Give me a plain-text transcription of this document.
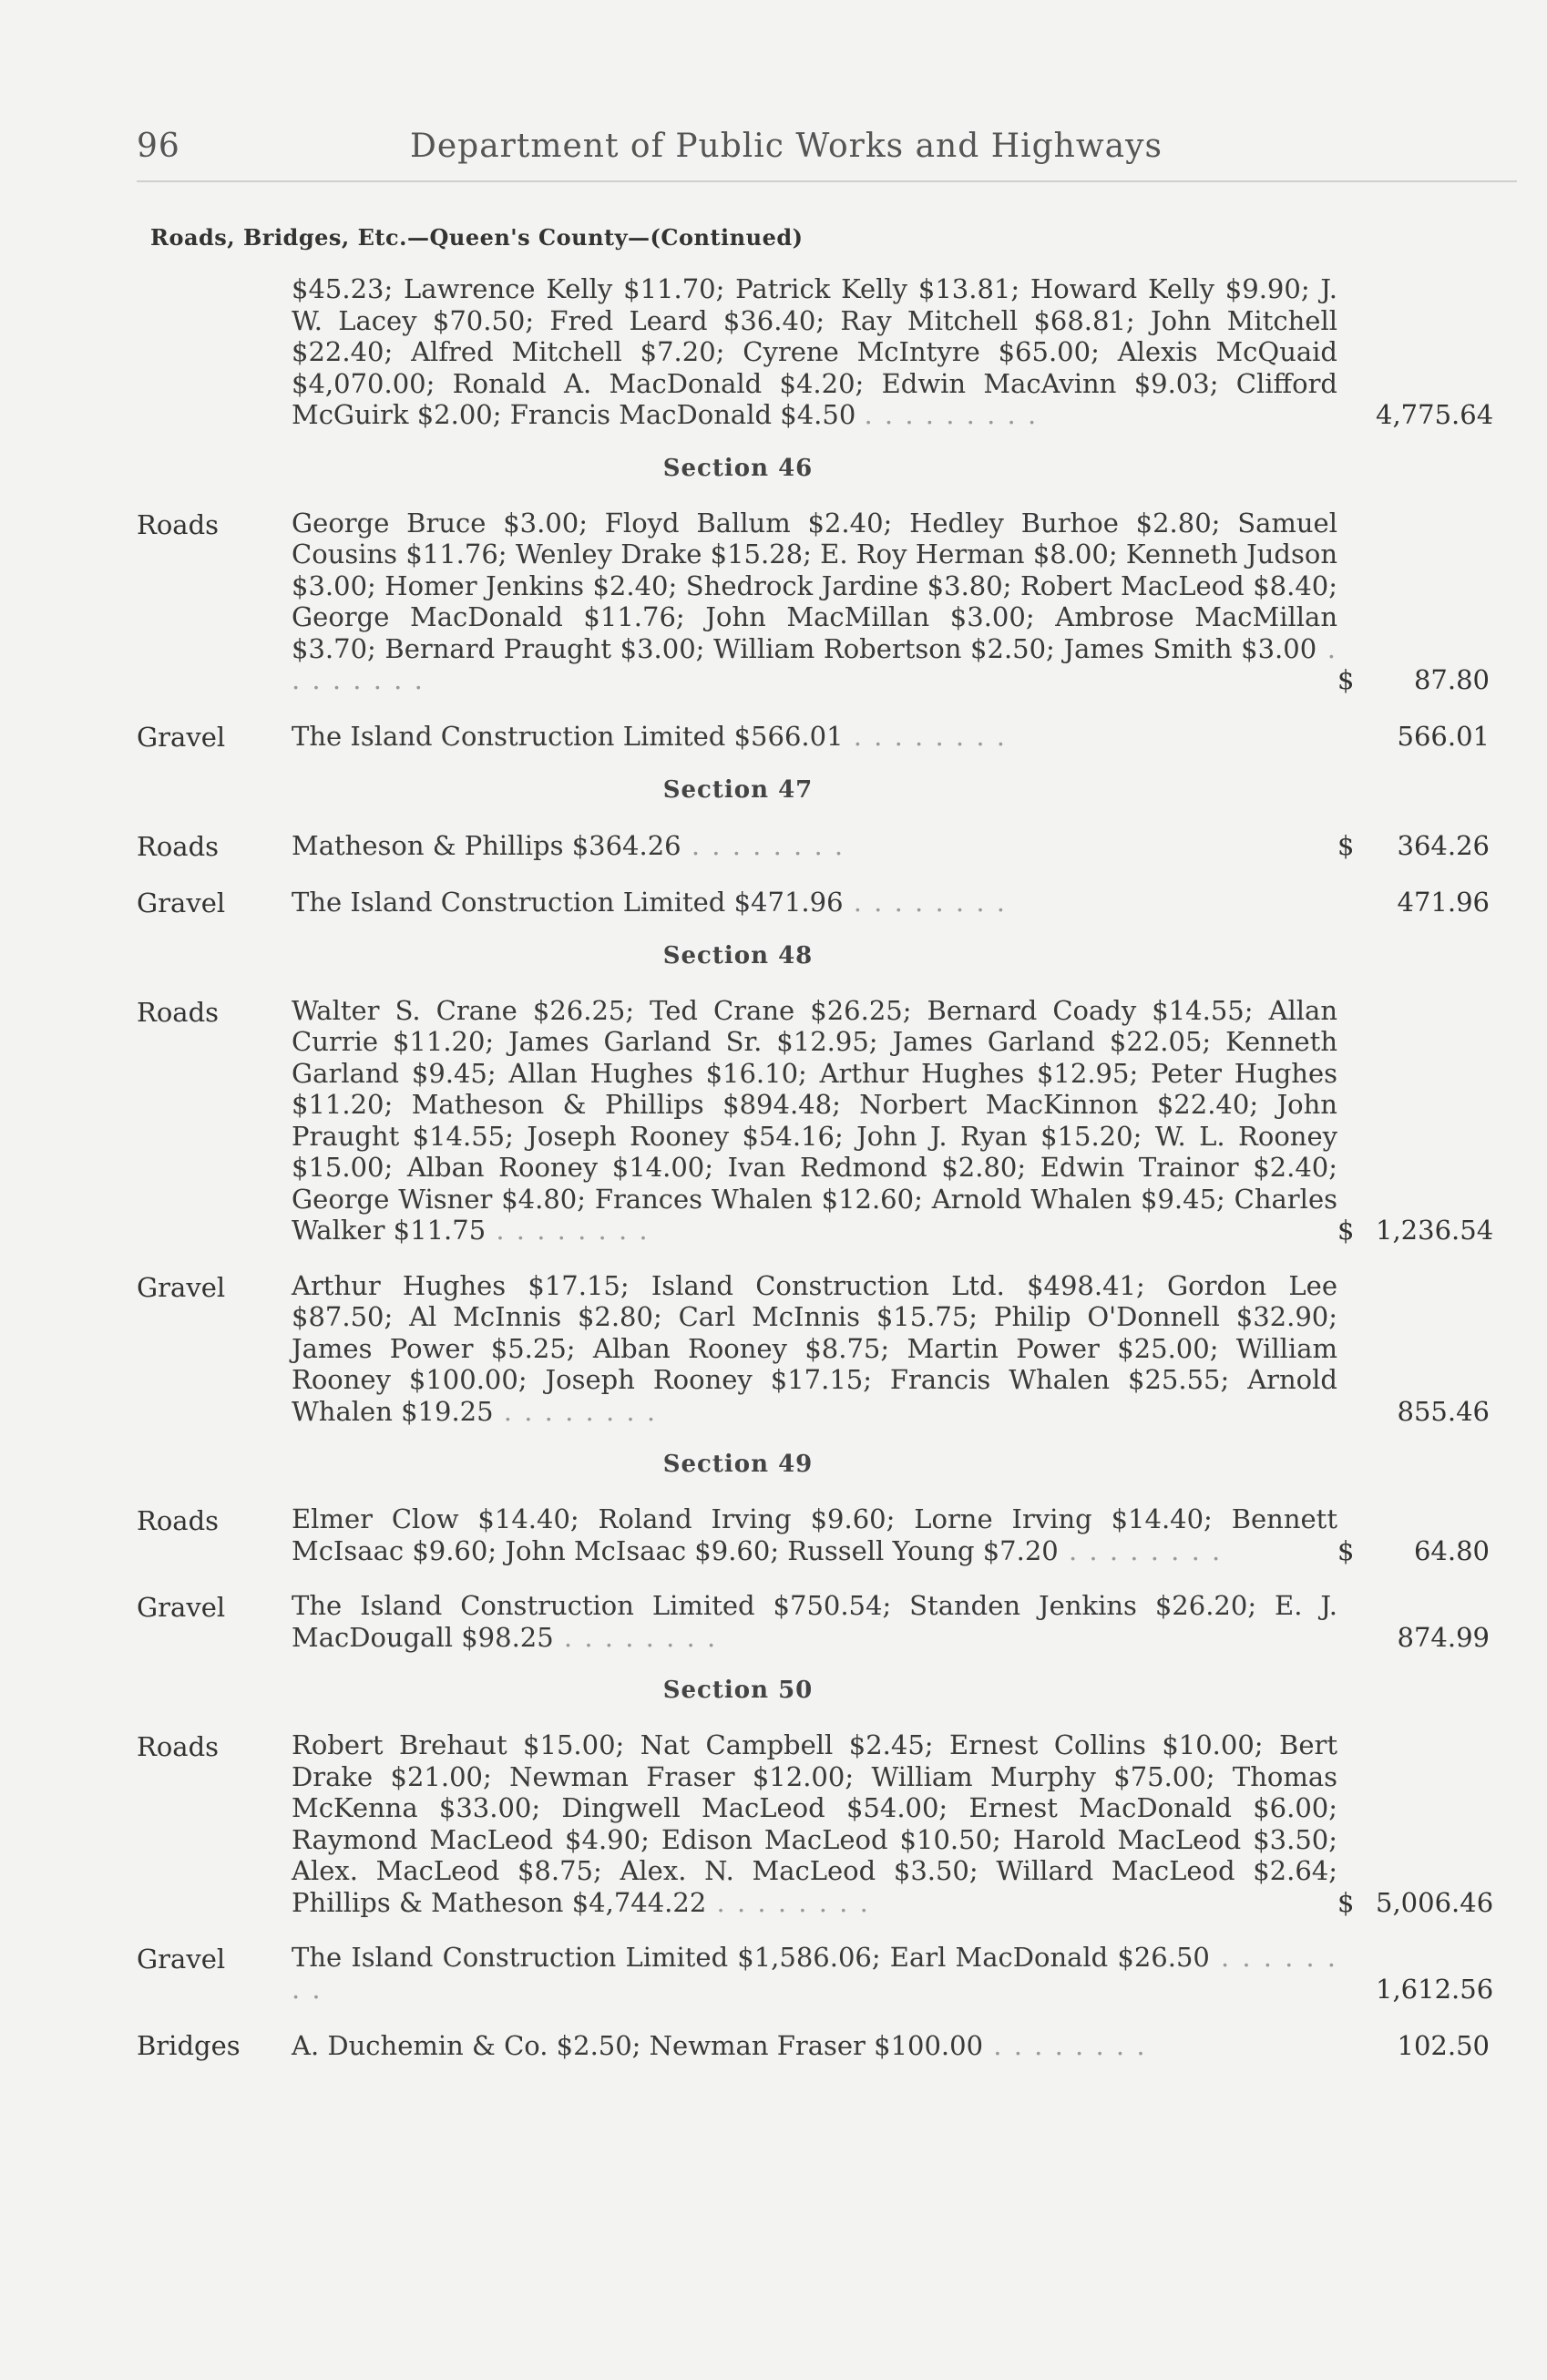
96	Department of Public Works and Highways
Roads, Bridges, Etc.—Queen's County—(Continued)
$45.23; Lawrence Kelly $11.70; Patrick Kelly $13.81; Howard Kelly $9.90; J. W. Lacey $70.50; Fred Leard $36.40; Ray Mitchell $68.81; John Mitchell $22.40; Alfred Mitchell $7.20; Cyrene McIntyre $65.00; Alexis McQuaid $4,070.00; Ronald A. MacDonald $4.20; Edwin MacAvinn $9.03; Clifford McGuirk $2.00; Francis MacDonald $4.50 . . . . . . . . .	4,775.64
Section 46
Roads	George Bruce $3.00; Floyd Ballum $2.40; Hedley Burhoe $2.80; Samuel Cousins $11.76; Wenley Drake $15.28; E. Roy Herman $8.00; Kenneth Judson $3.00; Homer Jenkins $2.40; Shedrock Jardine $3.80; Robert MacLeod $8.40; George MacDonald $11.76; John MacMillan $3.00; Ambrose MacMillan $3.70; Bernard Praught $3.00; William Robertson $2.50; James Smith $3.00 . . . . . . . .	$	87.80
Gravel	The Island Construction Limited $566.01 . . . . . . . .	566.01
Section 47
Roads	Matheson & Phillips $364.26 . . . . . . . .	$	364.26
Gravel	The Island Construction Limited $471.96 . . . . . . . .	471.96
Section 48
Roads	Walter S. Crane $26.25; Ted Crane $26.25; Bernard Coady $14.55; Allan Currie $11.20; James Garland Sr. $12.95; James Garland $22.05; Kenneth Garland $9.45; Allan Hughes $16.10; Arthur Hughes $12.95; Peter Hughes $11.20; Matheson & Phillips $894.48; Norbert MacKinnon $22.40; John Praught $14.55; Joseph Rooney $54.16; John J. Ryan $15.20; W. L. Rooney $15.00; Alban Rooney $14.00; Ivan Redmond $2.80; Edwin Trainor $2.40; George Wisner $4.80; Frances Whalen $12.60; Arnold Whalen $9.45; Charles Walker $11.75 . . . . . . . .	$ 1,236.54
Gravel	Arthur Hughes $17.15; Island Construction Ltd. $498.41; Gordon Lee $87.50; Al McInnis $2.80; Carl McInnis $15.75; Philip O'Donnell $32.90; James Power $5.25; Alban Rooney $8.75; Martin Power $25.00; William Rooney $100.00; Joseph Rooney $17.15; Francis Whalen $25.55; Arnold Whalen $19.25 . . . . . . . .	855.46
Section 49
Roads	Elmer Clow $14.40; Roland Irving $9.60; Lorne Irving $14.40; Bennett McIsaac $9.60; John McIsaac $9.60; Russell Young $7.20 . . . . . . . .	$	64.80
Gravel	The Island Construction Limited $750.54; Standen Jenkins $26.20; E. J. MacDougall $98.25 . . . . . . . .	874.99
Section 50
Roads	Robert Brehaut $15.00; Nat Campbell $2.45; Ernest Collins $10.00; Bert Drake $21.00; Newman Fraser $12.00; William Murphy $75.00; Thomas McKenna $33.00; Dingwell MacLeod $54.00; Ernest MacDonald $6.00; Raymond MacLeod $4.90; Edison MacLeod $10.50; Harold MacLeod $3.50; Alex. MacLeod $8.75; Alex. N. MacLeod $3.50; Willard MacLeod $2.64; Phillips & Matheson $4,744.22 . . . . . . . .	$ 5,006.46
Gravel	The Island Construction Limited $1,586.06; Earl MacDonald $26.50 . . . . . . . .	1,612.56
Bridges	A. Duchemin & Co. $2.50; Newman Fraser $100.00 . . . . . . . .	102.50
